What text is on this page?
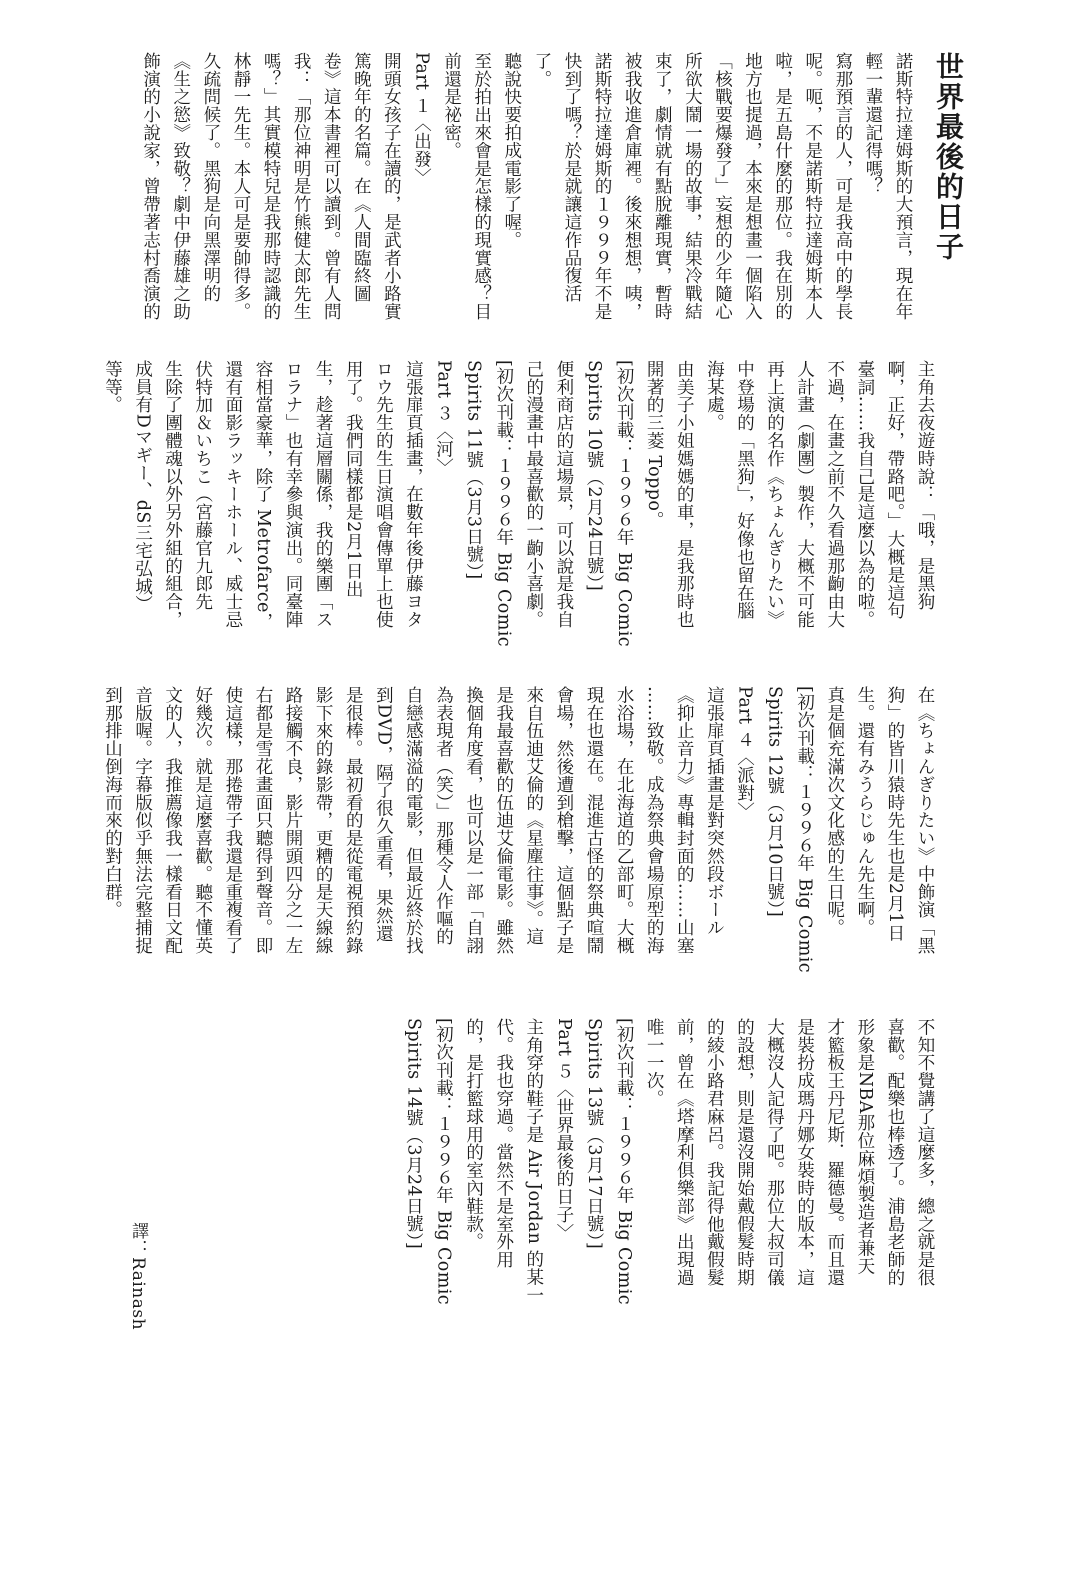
世界最後的日子
諾斯特拉達姆斯的大預言，現在年
輕一輩還記得嗎？
寫那預言的人，可是我高中的學長
呢。呃，不是諾斯特拉達姆斯本人
啦，是五島什麼的那位。我在別的
地方也提過，本來是想畫一個陷入
「核戰要爆發了」妄想的少年隨心
所欲大鬧一場的故事，結果冷戰結
束了，劇情就有點脫離現實，暫時
被我收進倉庫裡。後來想想，咦，
諾斯特拉達姆斯的１９９９年不是
快到了嗎？於是就讓這作品復活
了。
聽說快要拍成電影了喔。
至於拍出來會是怎樣的現實感？目
前還是祕密。
Part １〈出發〉
開頭女孩子在讀的，是武者小路實
篤晚年的名篇。在《人間臨終圖
卷》這本書裡可以讀到。曾有人問
我：「那位神明是竹熊健太郎先生
嗎？」其實模特兒是我那時認識的
林靜一先生。本人可是要帥得多。
久疏問候了。黑狗是向黑澤明的
《生之慾》致敬？劇中伊藤雄之助
飾演的小說家，曾帶著志村喬演的
主角去夜遊時說：「哦，是黑狗
啊，正好，帶路吧。」大概是這句
臺詞……我自己是這麼以為的啦。
不過，在畫之前不久看過那齣由大
人計畫（劇團）製作，大概不可能
再上演的名作《ちょんぎりたい》
中登場的「黑狗」，好像也留在腦
海某處。
由美子小姐媽媽的車，是我那時也
開著的三菱 Toppo。
[初次刊載：１９９６年 Big Comic
Spirits 10號（2月24日號）]
便利商店的這場景，可以說是我自
己的漫畫中最喜歡的一齣小喜劇。
[初次刊載：１９９６年 Big Comic
Spirits 11號（3月3日號）]
Part ３〈河〉
這張扉頁插畫，在數年後伊藤ヨタ
ロウ先生的生日演唱會傳單上也使
用了。我們同樣都是2月1日出
生，趁著這層關係，我的樂團「ス
ロラナ」也有幸參與演出。同臺陣
容相當豪華，除了 Metrofarce，
還有面影ラッキーホール、威士忌
伏特加＆いちこ（宮藤官九郎先
生除了團體魂以外另外組的組合，
成員有Dマギー、dS三宅弘城）
等等。
在《ちょんぎりたい》中飾演「黑
狗」的皆川猿時先生也是2月1日
生。還有みうらじゅん先生啊。
真是個充滿次文化感的生日呢。
[初次刊載：１９９６年 Big Comic
Spirits 12號（3月10日號）]
Part ４〈派對〉
這張扉頁插畫是對突然段ボール
《抑止音力》專輯封面的……山塞
……致敬。成為祭典會場原型的海
水浴場，在北海道的乙部町。大概
現在也還在。混進古怪的祭典喧鬧
會場，然後遭到槍擊，這個點子是
來自伍迪艾倫的《星塵往事》。這
是我最喜歡的伍迪艾倫電影。雖然
換個角度看，也可以是一部「自詡
為表現者（笑）」那種令人作嘔的
自戀感滿溢的電影，但最近終於找
到DVD，隔了很久重看，果然還
是很棒。最初看的是從電視預約錄
影下來的錄影帶，更糟的是天線線
路接觸不良，影片開頭四分之一左
右都是雪花畫面只聽得到聲音。即
使這樣，那捲帶子我還是重複看了
好幾次。就是這麼喜歡。聽不懂英
文的人，我推薦像我一樣看日文配
音版喔。字幕版似乎無法完整捕捉
到那排山倒海而來的對白群。
不知不覺講了這麼多，總之就是很
喜歡。配樂也棒透了。浦島老師的
形象是NBA那位麻煩製造者兼天
才籃板王丹尼斯．羅德曼。而且還
是裝扮成瑪丹娜女裝時的版本，這
大概沒人記得了吧。那位大叔司儀
的設想，則是還沒開始戴假髮時期
的綾小路君麻呂。我記得他戴假髮
前，曾在《塔摩利俱樂部》出現過
唯一一次。
[初次刊載：１９９６年 Big Comic
Spirits 13號（3月17日號）]
Part ５〈世界最後的日子〉
主角穿的鞋子是 Air Jordan 的某一
代。我也穿過。當然不是室外用
的，是打籃球用的室內鞋款。
[初次刊載：１９９６年 Big Comic
Spirits 14號（3月24日號）]
譯：Rainash
